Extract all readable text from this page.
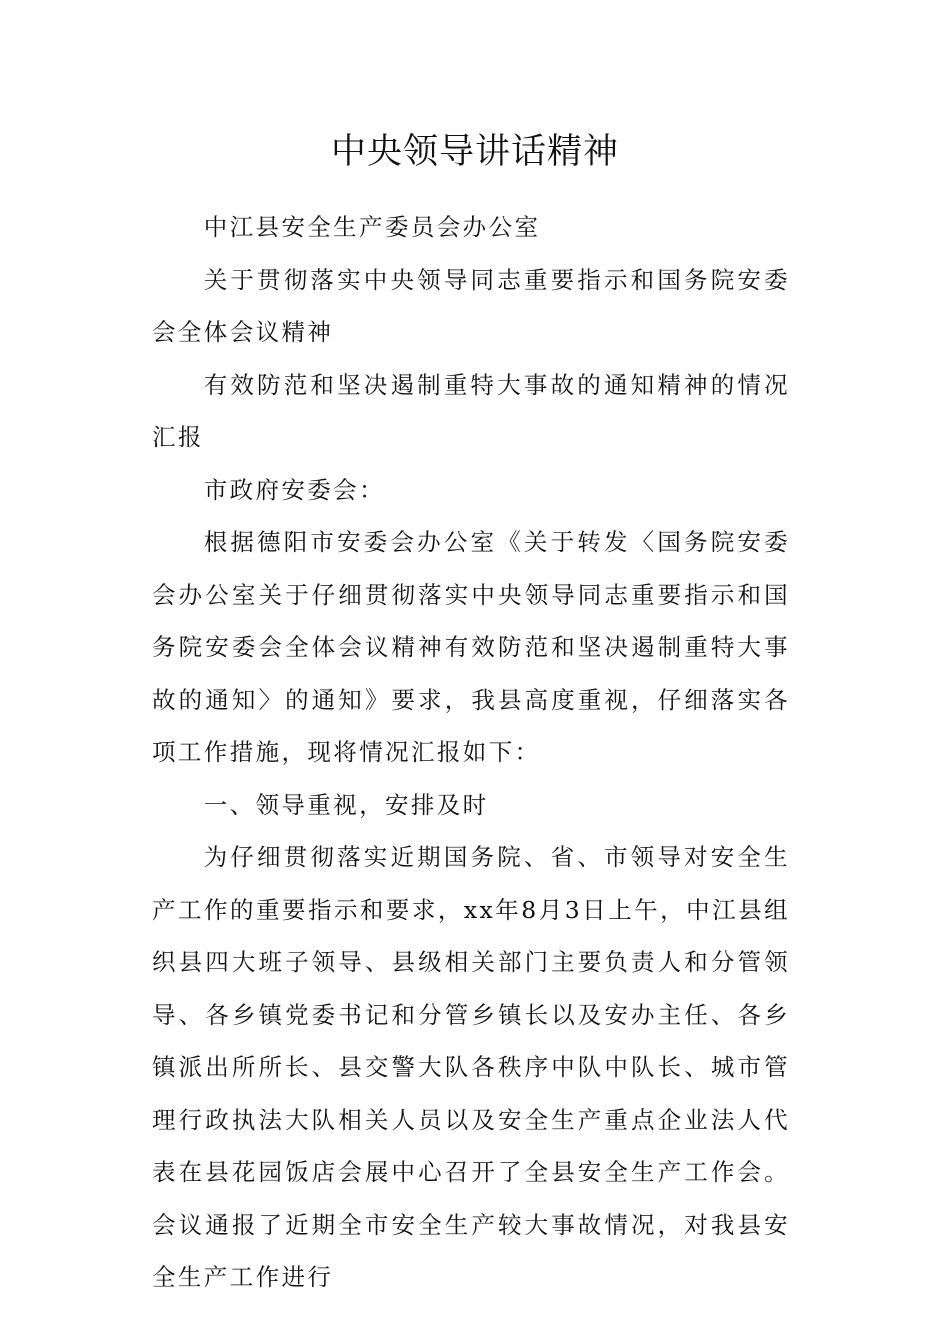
中央领导讲话精神

中江县安全生产委员会办公室

关于贯彻落实中央领导同志重要指示和国务院安委会全体会议精神

有效防范和坚决遏制重特大事故的通知精神的情况汇报

市政府安委会：

根据德阳市安委会办公室《关于转发〈国务院安委会办公室关于仔细贯彻落实中央领导同志重要指示和国务院安委会全体会议精神有效防范和坚决遏制重特大事故的通知〉的通知》要求，我县高度重视，仔细落实各项工作措施，现将情况汇报如下：

一、领导重视，安排及时

为仔细贯彻落实近期国务院、省、市领导对安全生产工作的重要指示和要求，xx年8月3日上午，中江县组织县四大班子领导、县级相关部门主要负责人和分管领导、各乡镇党委书记和分管乡镇长以及安办主任、各乡镇派出所所长、县交警大队各秩序中队中队长、城市管理行政执法大队相关人员以及安全生产重点企业法人代表在县花园饭店会展中心召开了全县安全生产工作会。会议通报了近期全市安全生产较大事故情况，对我县安全生产工作进行
